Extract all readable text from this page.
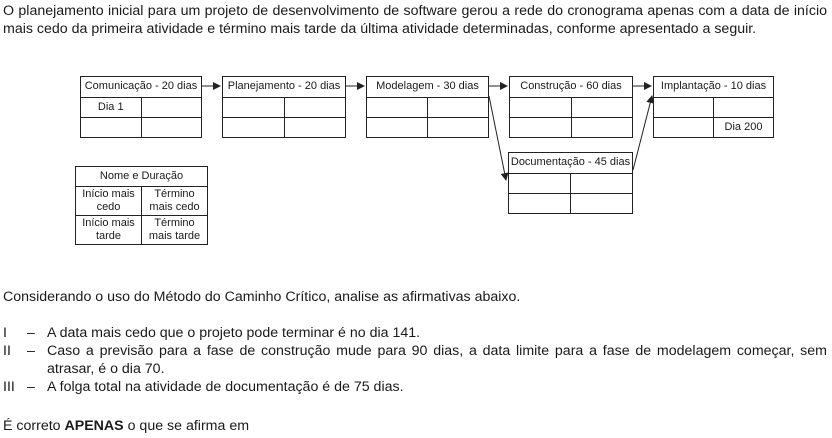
O planejamento inicial para um projeto de desenvolvimento de software gerou a rede do cronograma apenas com a data de início mais cedo da primeira atividade e término mais tarde da última atividade determinadas, conforme apresentado a seguir.

Comunicação - 20 dias
Dia 1
Planejamento - 20 dias	Modelagem - 30 dias	Construção - 60 dias	Implantação - 10 dias
Dia 200
Documentação - 45 dias
Nome e Duração
Início mais cedo
Término mais cedo
Início mais tarde
Término mais tarde

Considerando o uso do Método do Caminho Crítico, analise as afirmativas abaixo.

I	– A data mais cedo que o projeto pode terminar é no dia 141.
II	– Caso a previsão para a fase de construção mude para 90 dias, a data limite para a fase de modelagem começar, sem atrasar, é o dia 70.
III – A folga total na atividade de documentação é de 75 dias.

É correto APENAS o que se afirma em
